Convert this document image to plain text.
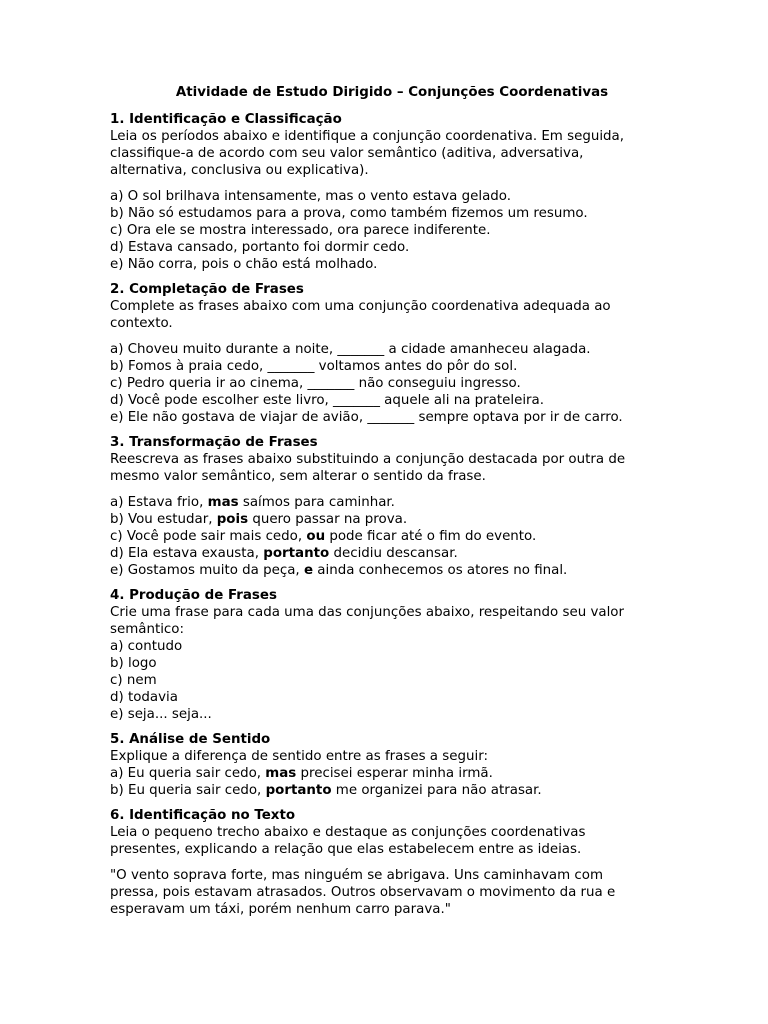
Atividade de Estudo Dirigido – Conjunções Coordenativas
1. Identificação e Classificação
Leia os períodos abaixo e identifique a conjunção coordenativa. Em seguida,
classifique-a de acordo com seu valor semântico (aditiva, adversativa,
alternativa, conclusiva ou explicativa).
a) O sol brilhava intensamente, mas o vento estava gelado.
b) Não só estudamos para a prova, como também fizemos um resumo.
c) Ora ele se mostra interessado, ora parece indiferente.
d) Estava cansado, portanto foi dormir cedo.
e) Não corra, pois o chão está molhado.
2. Completação de Frases
Complete as frases abaixo com uma conjunção coordenativa adequada ao
contexto.
a) Choveu muito durante a noite, _______ a cidade amanheceu alagada.
b) Fomos à praia cedo, _______ voltamos antes do pôr do sol.
c) Pedro queria ir ao cinema, _______ não conseguiu ingresso.
d) Você pode escolher este livro, _______ aquele ali na prateleira.
e) Ele não gostava de viajar de avião, _______ sempre optava por ir de carro.
3. Transformação de Frases
Reescreva as frases abaixo substituindo a conjunção destacada por outra de
mesmo valor semântico, sem alterar o sentido da frase.
a) Estava frio, mas saímos para caminhar.
b) Vou estudar, pois quero passar na prova.
c) Você pode sair mais cedo, ou pode ficar até o fim do evento.
d) Ela estava exausta, portanto decidiu descansar.
e) Gostamos muito da peça, e ainda conhecemos os atores no final.
4. Produção de Frases
Crie uma frase para cada uma das conjunções abaixo, respeitando seu valor
semântico:
a) contudo
b) logo
c) nem
d) todavia
e) seja... seja...
5. Análise de Sentido
Explique a diferença de sentido entre as frases a seguir:
a) Eu queria sair cedo, mas precisei esperar minha irmã.
b) Eu queria sair cedo, portanto me organizei para não atrasar.
6. Identificação no Texto
Leia o pequeno trecho abaixo e destaque as conjunções coordenativas
presentes, explicando a relação que elas estabelecem entre as ideias.
"O vento soprava forte, mas ninguém se abrigava. Uns caminhavam com
pressa, pois estavam atrasados. Outros observavam o movimento da rua e
esperavam um táxi, porém nenhum carro parava."
